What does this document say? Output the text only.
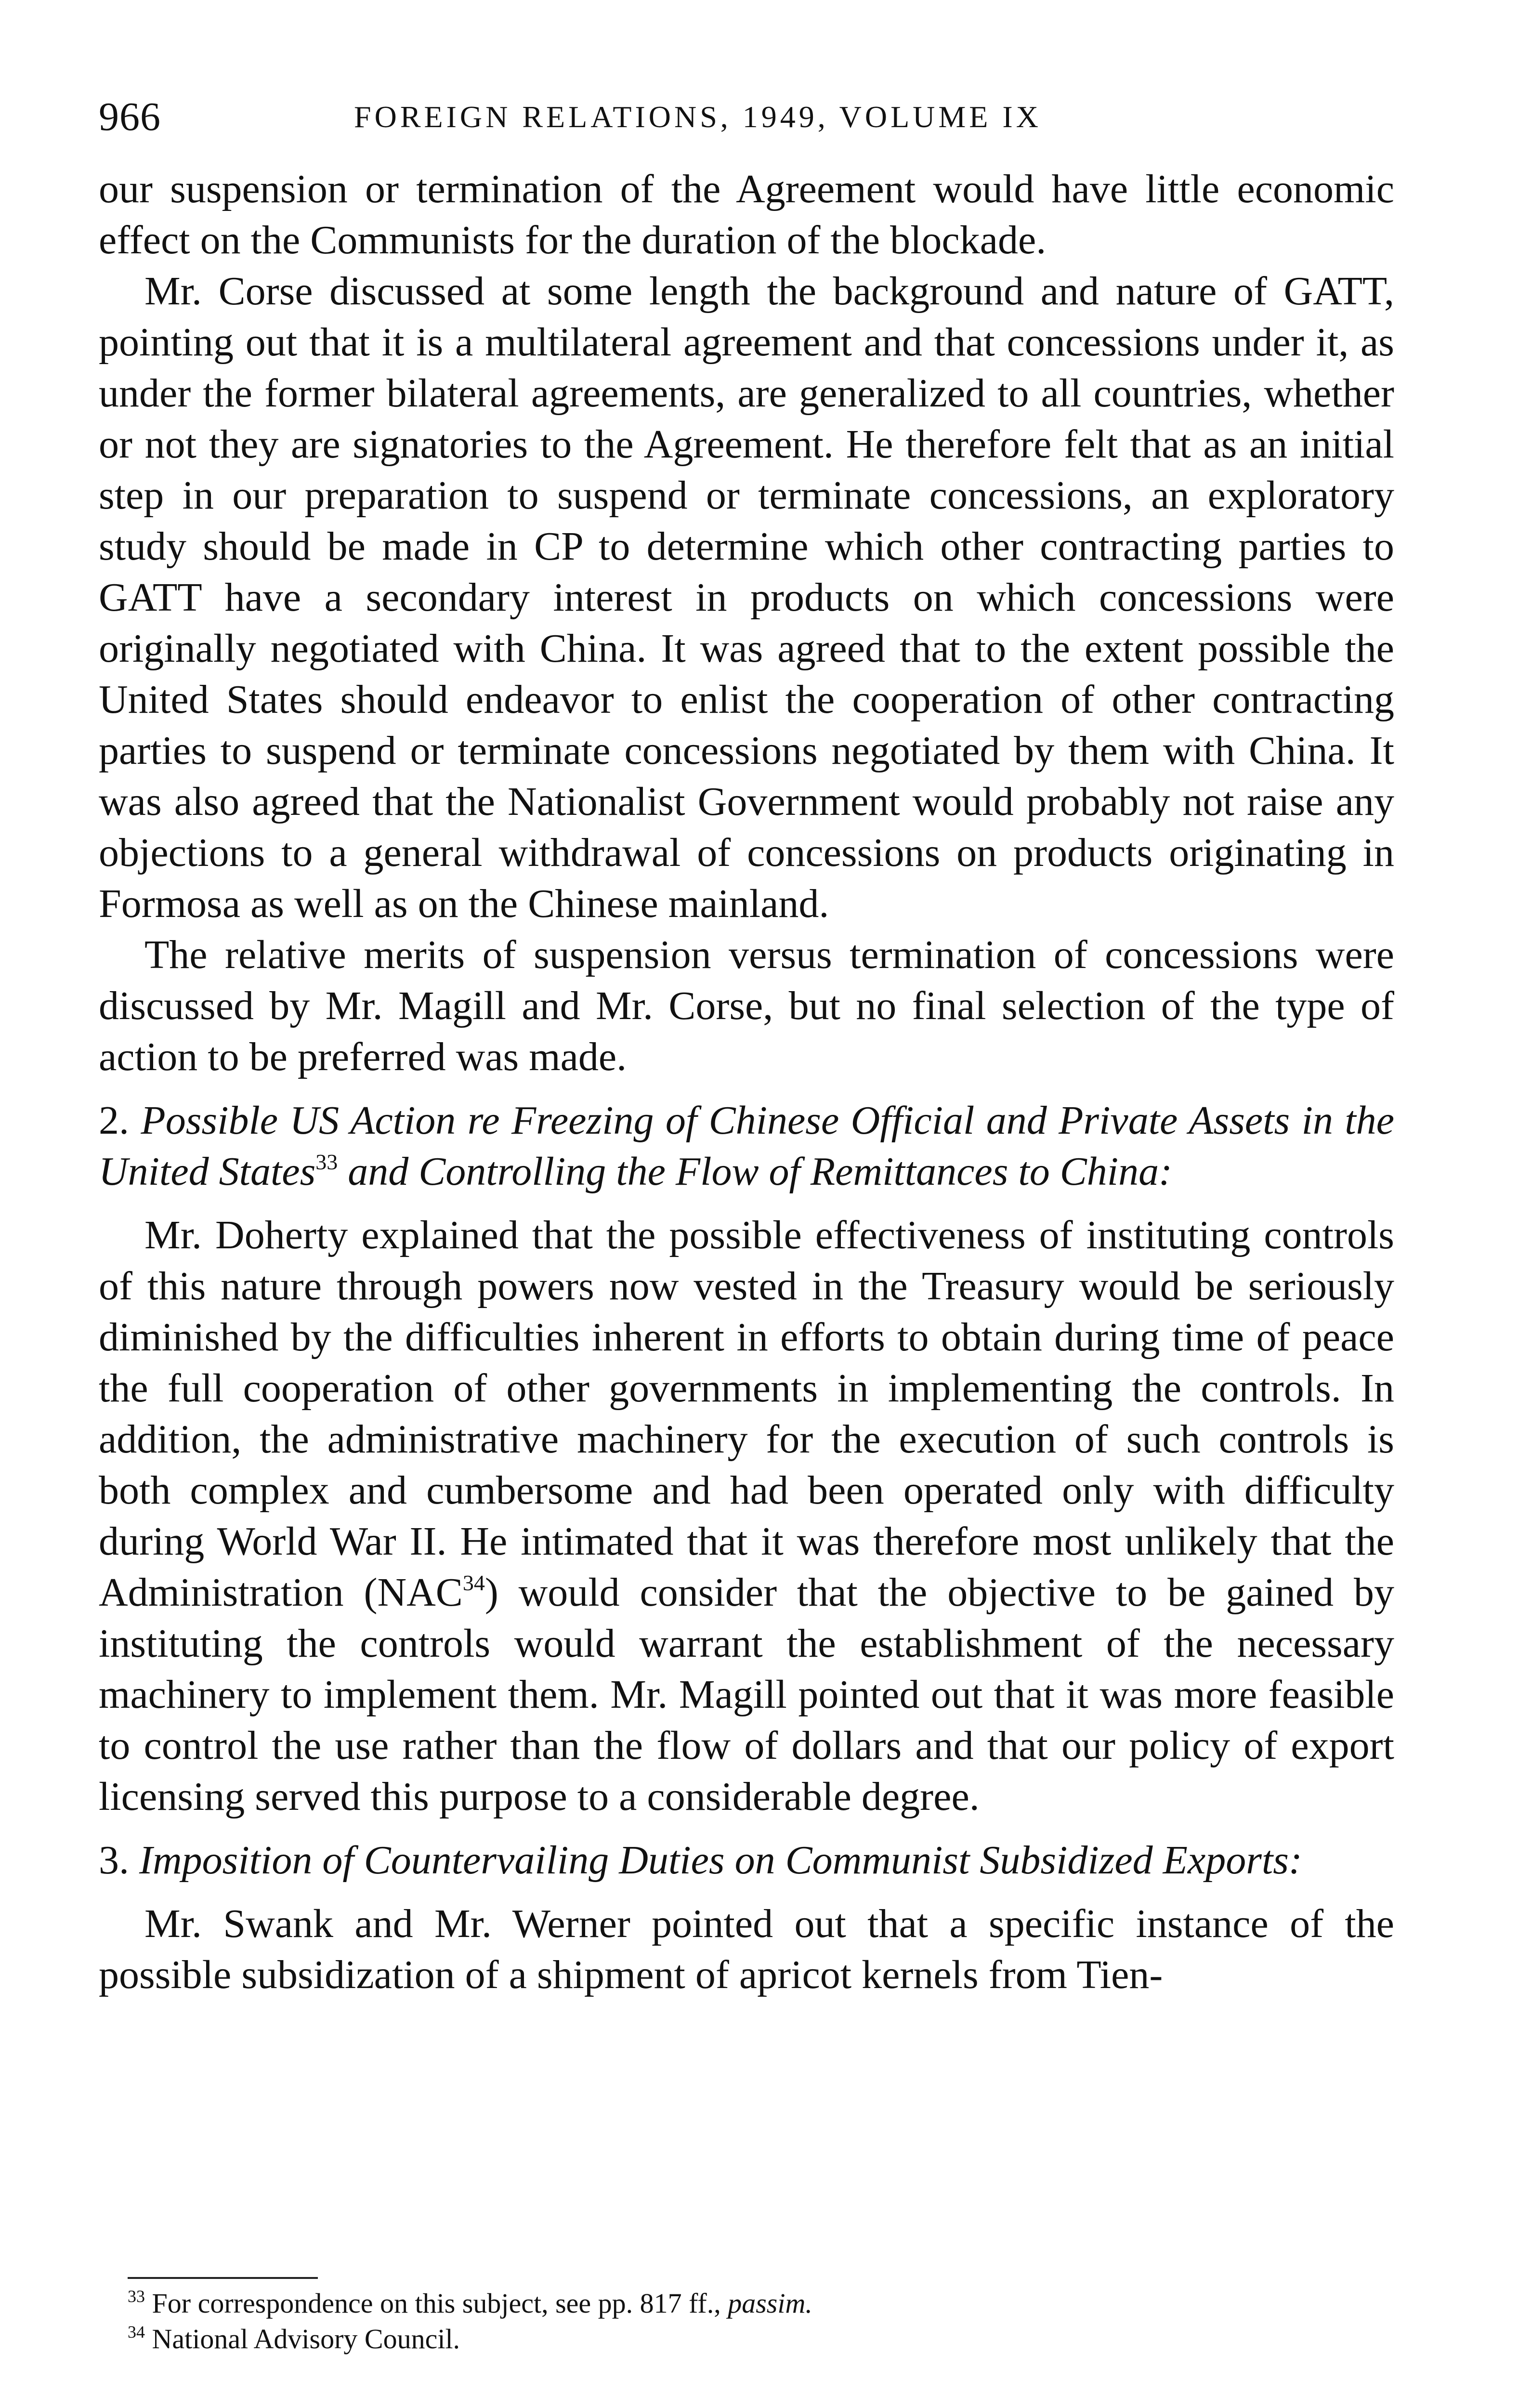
966	FOREIGN RELATIONS, 1949, VOLUME IX

our suspension or termination of the Agreement would have little economic effect on the Communists for the duration of the blockade.

Mr. Corse discussed at some length the background and nature of GATT, pointing out that it is a multilateral agreement and that concessions under it, as under the former bilateral agreements, are generalized to all countries, whether or not they are signatories to the Agreement. He therefore felt that as an initial step in our preparation to suspend or terminate concessions, an exploratory study should be made in CP to determine which other contracting parties to GATT have a secondary interest in products on which concessions were originally negotiated with China. It was agreed that to the extent possible the United States should endeavor to enlist the cooperation of other contracting parties to suspend or terminate concessions negotiated by them with China. It was also agreed that the Nationalist Government would probably not raise any objections to a general withdrawal of concessions on products originating in Formosa as well as on the Chinese mainland.

The relative merits of suspension versus termination of concessions were discussed by Mr. Magill and Mr. Corse, but no final selection of the type of action to be preferred was made.

2. Possible US Action re Freezing of Chinese Official and Private Assets in the United States$^{33}$ and Controlling the Flow of Remittances to China:

Mr. Doherty explained that the possible effectiveness of instituting controls of this nature through powers now vested in the Treasury would be seriously diminished by the difficulties inherent in efforts to obtain during time of peace the full cooperation of other governments in implementing the controls. In addition, the administrative machinery for the execution of such controls is both complex and cumbersome and had been operated only with difficulty during World War II. He intimated that it was therefore most unlikely that the Administration (NAC$^{34}$) would consider that the objective to be gained by instituting the controls would warrant the establishment of the necessary machinery to implement them. Mr. Magill pointed out that it was more feasible to control the use rather than the flow of dollars and that our policy of export licensing served this purpose to a considerable degree.

3. Imposition of Countervailing Duties on Communist Subsidized Exports:

Mr. Swank and Mr. Werner pointed out that a specific instance of the possible subsidization of a shipment of apricot kernels from Tien-

$^{33}$ For correspondence on this subject, see pp. 817 ff., passim.

$^{34}$ National Advisory Council.
